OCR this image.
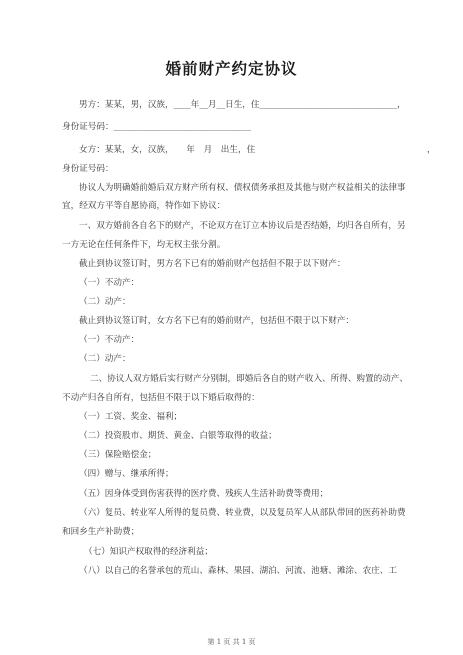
婚前财产约定协议
男方：某某，男，汉族，____年__月__日生，住________________________________，
身份证号码：________________________________
女方：某某，女，汉族，　　年　月　出生，住　　　　　　　　　　　　　　　　　　　　，
身份证号码：
协议人为明确婚前婚后双方财产所有权、债权债务承担及其他与财产权益相关的法律事
宜，经双方平等自愿协商，特作如下协议：
一、双方婚前各自名下的财产，不论双方在订立本协议后是否结婚，均归各自所有，另
一方无论在任何条件下，均无权主张分割。
截止到协议签订时，男方名下已有的婚前财产包括但不限于以下财产：
（一）不动产：
（二）动产：
截止到协议签订时，女方名下已有的婚前财产，包括但不限于以下财产：
（一）不动产：
（二）动产：
二、协议人双方婚后实行财产分别制，即婚后各自的财产收入、所得、购置的动产、
不动产归各自所有，包括但不限于以下婚后取得的：
（一）工资、奖金、福利；
（二）投资股市、期货、黄金、白银等取得的收益；
（三）保险赔偿金；
（四）赠与、继承所得；
（五）因身体受到伤害获得的医疗费、残疾人生活补助费等费用；
（六）复员、转业军人所得的复员费、转业费，以及复员军人从部队带回的医药补助费
和回乡生产补助费；
（七）知识产权取得的经济利益；
（八）以自己的名誉承包的荒山、森林、果园、湖泊、河流、池塘、滩涂、农庄、工
第 1 页 共 1 页
